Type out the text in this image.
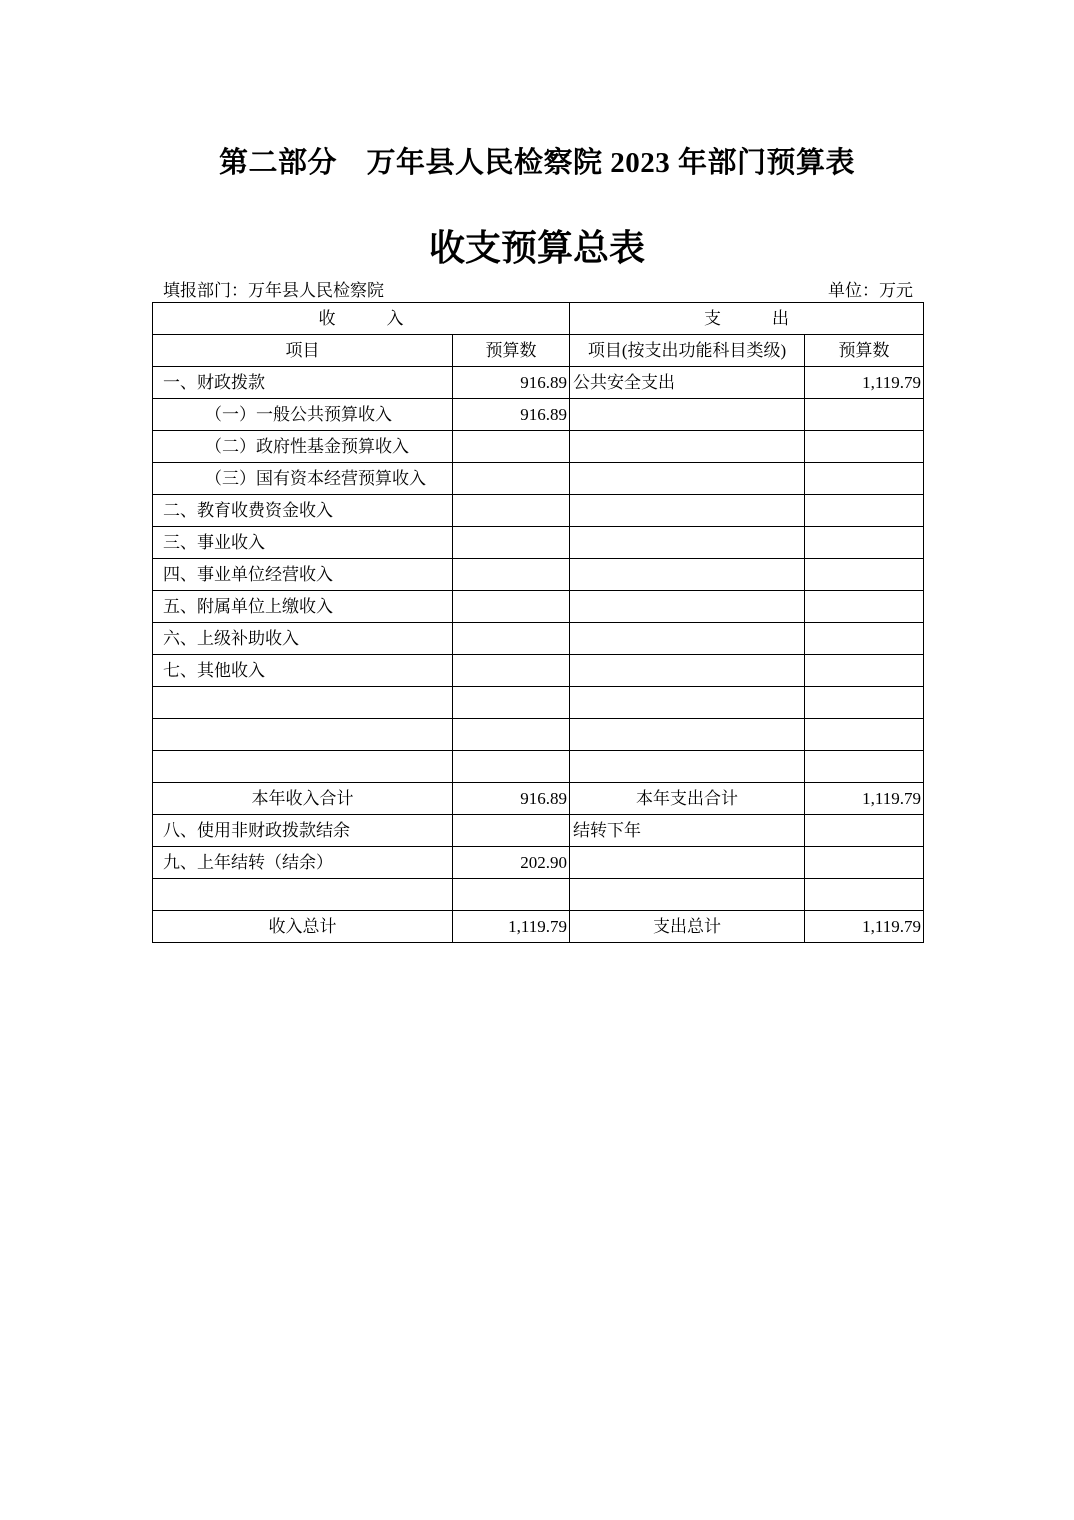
第二部分　万年县人民检察院 2023 年部门预算表
收支预算总表
填报部门：万年县人民检察院	单位：万元
收　　　入		支　　　出	
项目	预算数	项目(按支出功能科目类级)	预算数
一、财政拨款	916.89	公共安全支出	1,119.79
（一）一般公共预算收入	916.89		
（二）政府性基金预算收入			
（三）国有资本经营预算收入			
二、教育收费资金收入			
三、事业收入			
四、事业单位经营收入			
五、附属单位上缴收入			
六、上级补助收入			
七、其他收入			

本年收入合计	916.89	本年支出合计	1,119.79
八、使用非财政拨款结余		结转下年	
九、上年结转（结余）	202.90		

收入总计	1,119.79	支出总计	1,119.79
